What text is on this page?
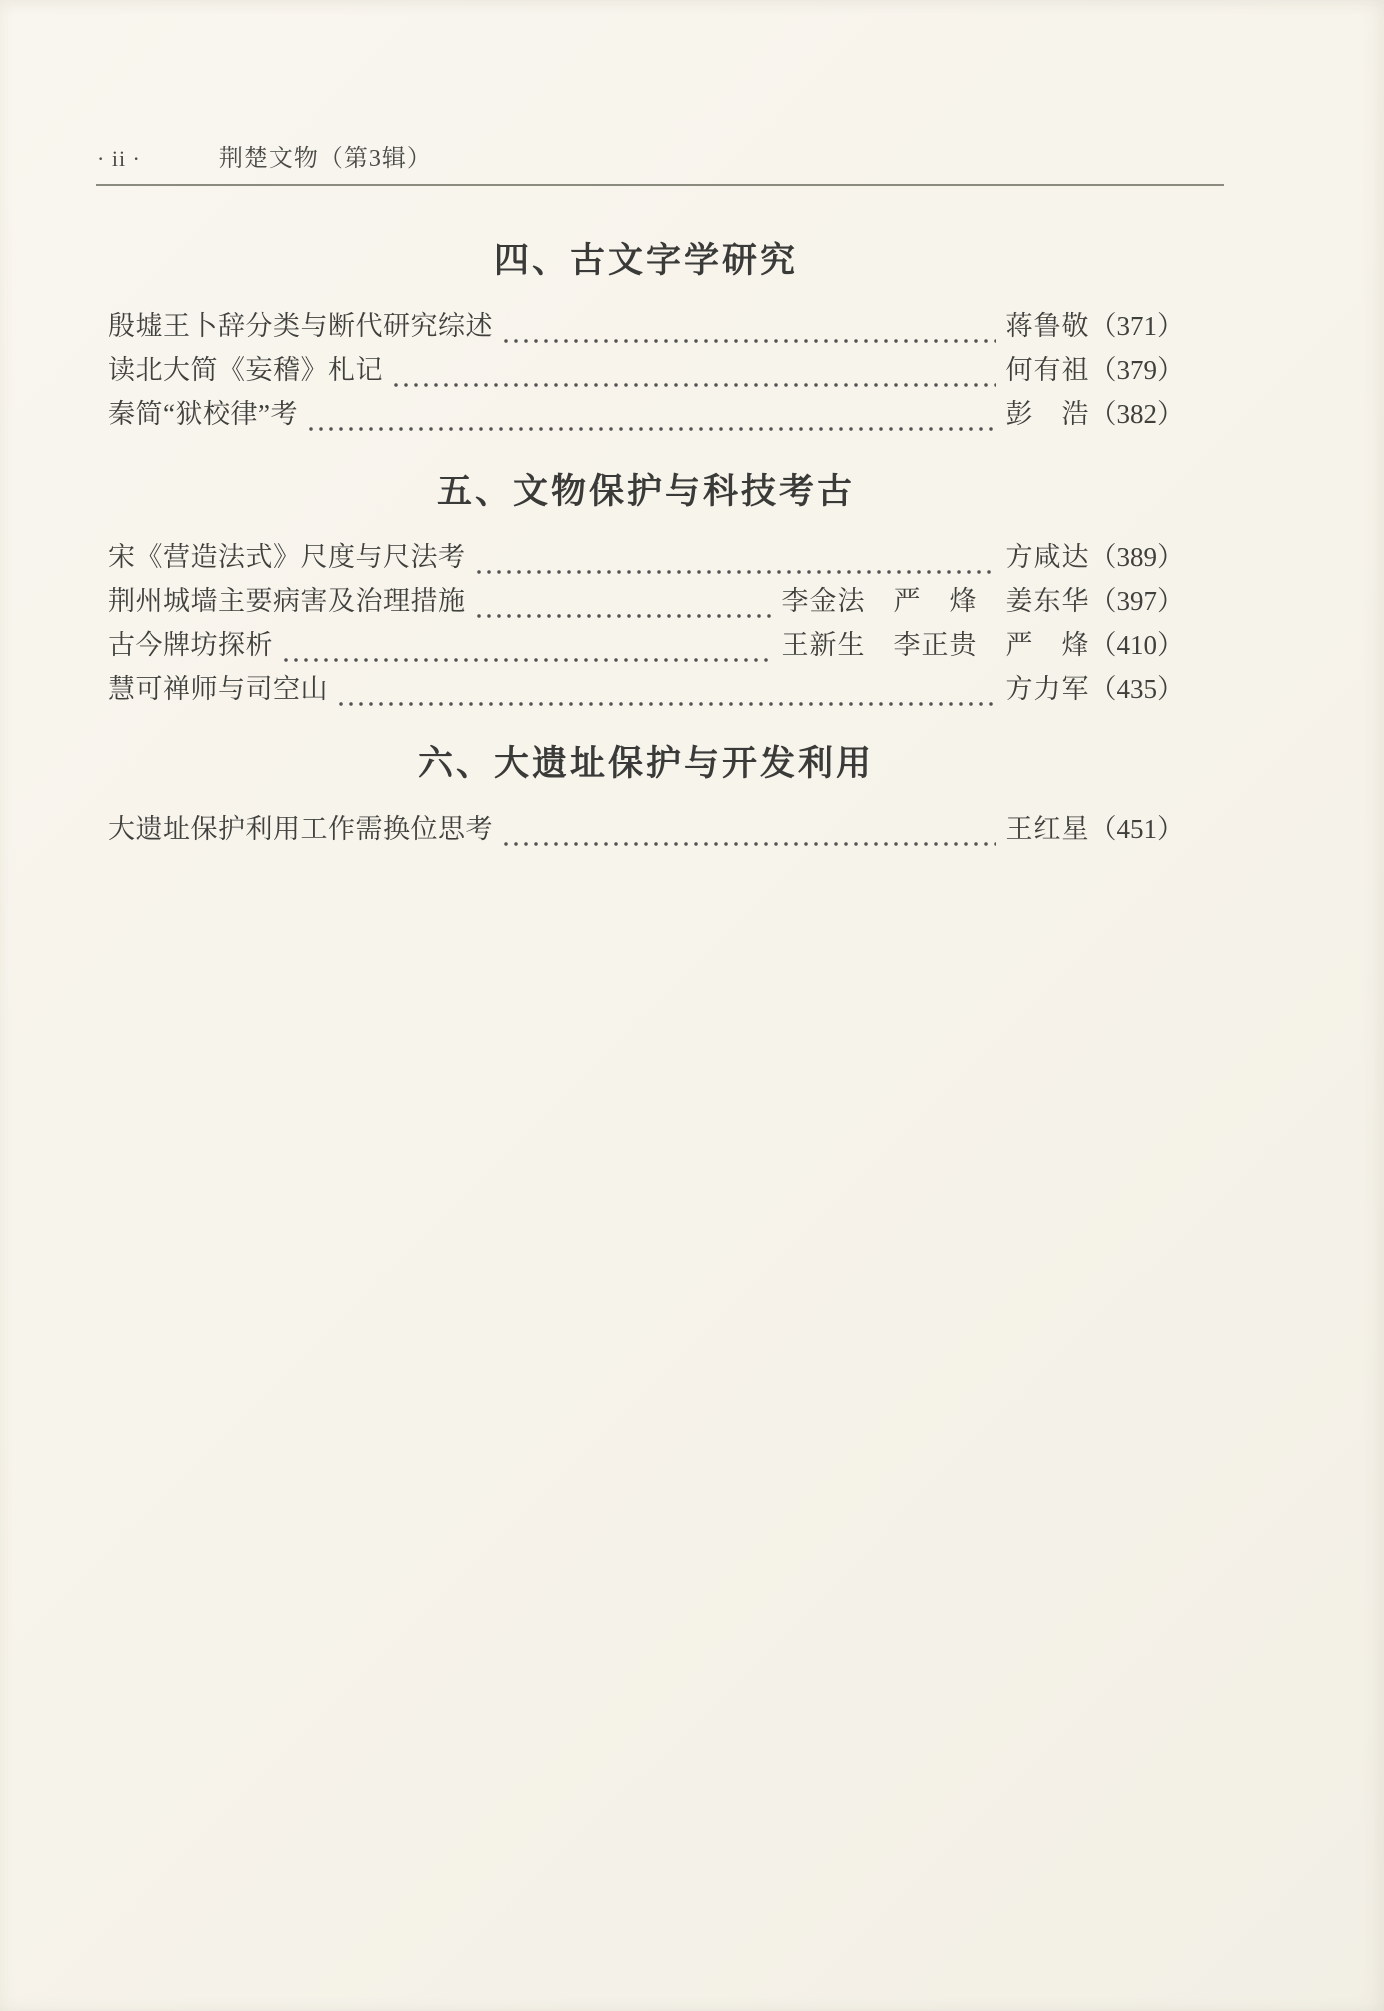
· ii ·	荆楚文物（第3辑）
四、古文字学研究
殷墟王卜辞分类与断代研究综述	蒋鲁敬 （371）
读北大简《妄稽》札记	何有祖 （379）
秦简“狱校律”考	彭　浩 （382）
五、文物保护与科技考古
宋《营造法式》尺度与尺法考	方咸达 （389）
荆州城墙主要病害及治理措施	李金法　严　烽　姜东华 （397）
古今牌坊探析	王新生　李正贵　严　烽 （410）
慧可禅师与司空山	方力军 （435）
六、大遗址保护与开发利用
大遗址保护利用工作需换位思考	王红星 （451）
